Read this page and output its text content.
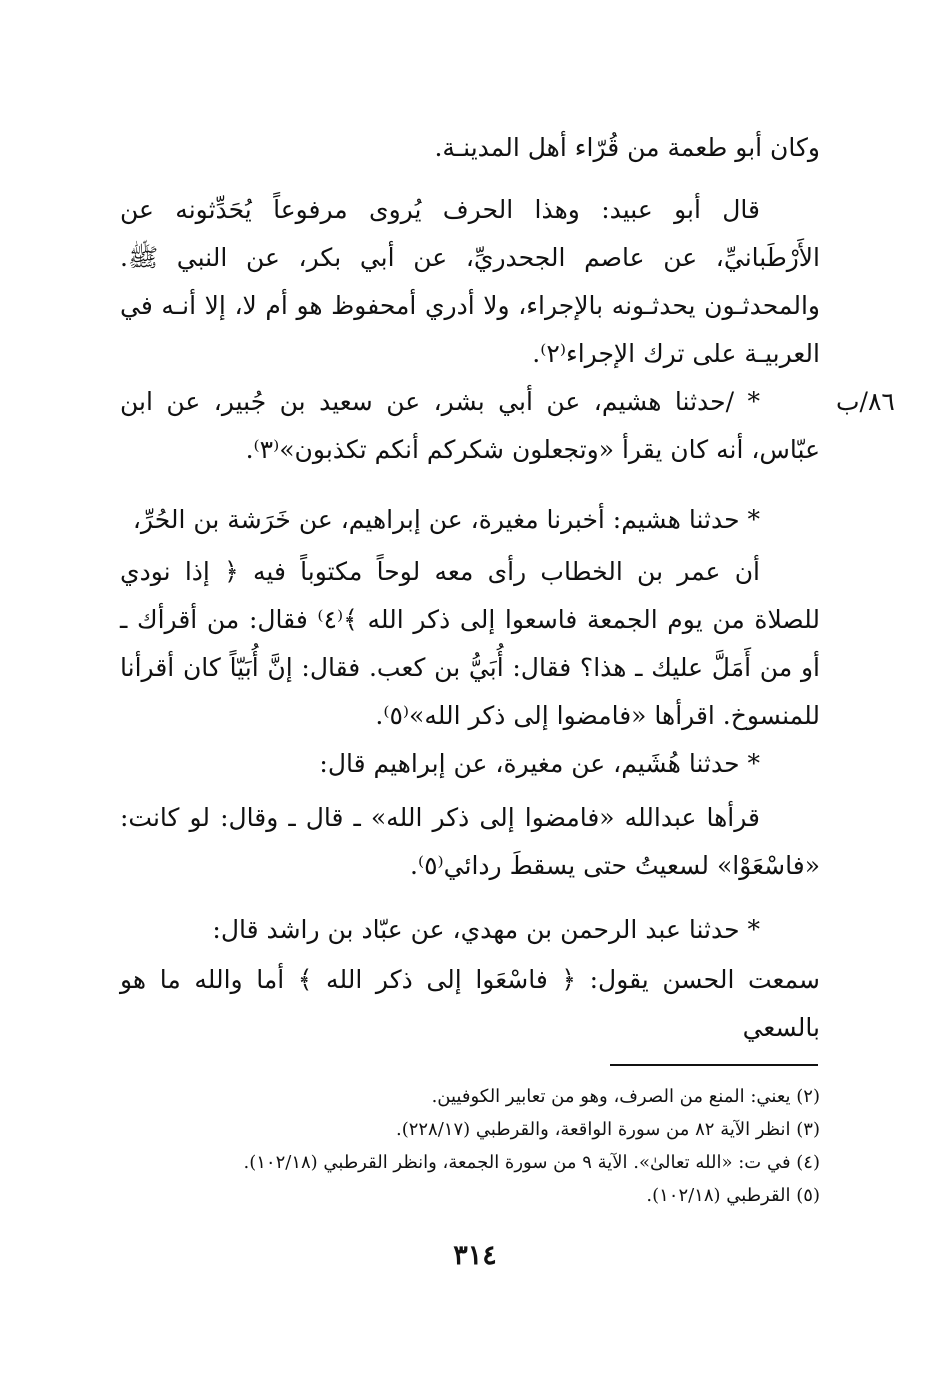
٨٦/ب

وكان أبو طعمة من قُرّاء أهل المدينـة.

قال أبو عبيد: وهذا الحرف يُروى مرفوعاً يُحَدِّثونه عن الأَرْطَبانيِّ، عن عاصم الجحدريِّ، عن أبي بكر، عن النبي ﷺ. والمحدثـون يحدثـونه بالإجراء، ولا أدري أمحفوظ هو أم لا، إلا أنـه في العربيـة على ترك الإجراء⁽٢⁾.

* /حدثنا هشيم، عن أبي بشر، عن سعيد بن جُبير، عن ابن عبّاس، أنه كان يقرأ «وتجعلون شكركم أنكم تكذبون»⁽٣⁾.

* حدثنا هشيم: أخبرنا مغيرة، عن إبراهيم، عن خَرَشة بن الحُرِّ،

أن عمر بن الخطاب رأى معه لوحاً مكتوباً فيه ﴿ إذا نودي للصلاة من يوم الجمعة فاسعوا إلى ذكر الله ﴾⁽٤⁾ فقال: من أقرأك ـ أو من أَمَلَّ عليك ـ هذا؟ فقال: أُبَيُّ بن كعب. فقال: إنَّ أُبَيّاً كان أقرأنا للمنسوخ. اقرأها «فامضوا إلى ذكر الله»⁽٥⁾.

* حدثنا هُشَيم، عن مغيرة، عن إبراهيم قال:

قرأها عبدالله «فامضوا إلى ذكر الله» ـ قال ـ وقال: لو كانت: «فاسْعَوْا» لسعيتُ حتى يسقطَ ردائي⁽٥⁾.

* حدثنا عبد الرحمن بن مهدي، عن عبّاد بن راشد قال:

سمعت الحسن يقول: ﴿ فاسْعَوا إلى ذكر الله ﴾ أما والله ما هو بالسعي

(٢) يعني: المنع من الصرف، وهو من تعابير الكوفيين.

(٣) انظر الآية ٨٢ من سورة الواقعة، والقرطبي (٢٢٨/١٧).

(٤) في ت: «الله تعالىٰ». الآية ٩ من سورة الجمعة، وانظر القرطبي (١٠٢/١٨).

(٥) القرطبي (١٠٢/١٨).

٣١٤
